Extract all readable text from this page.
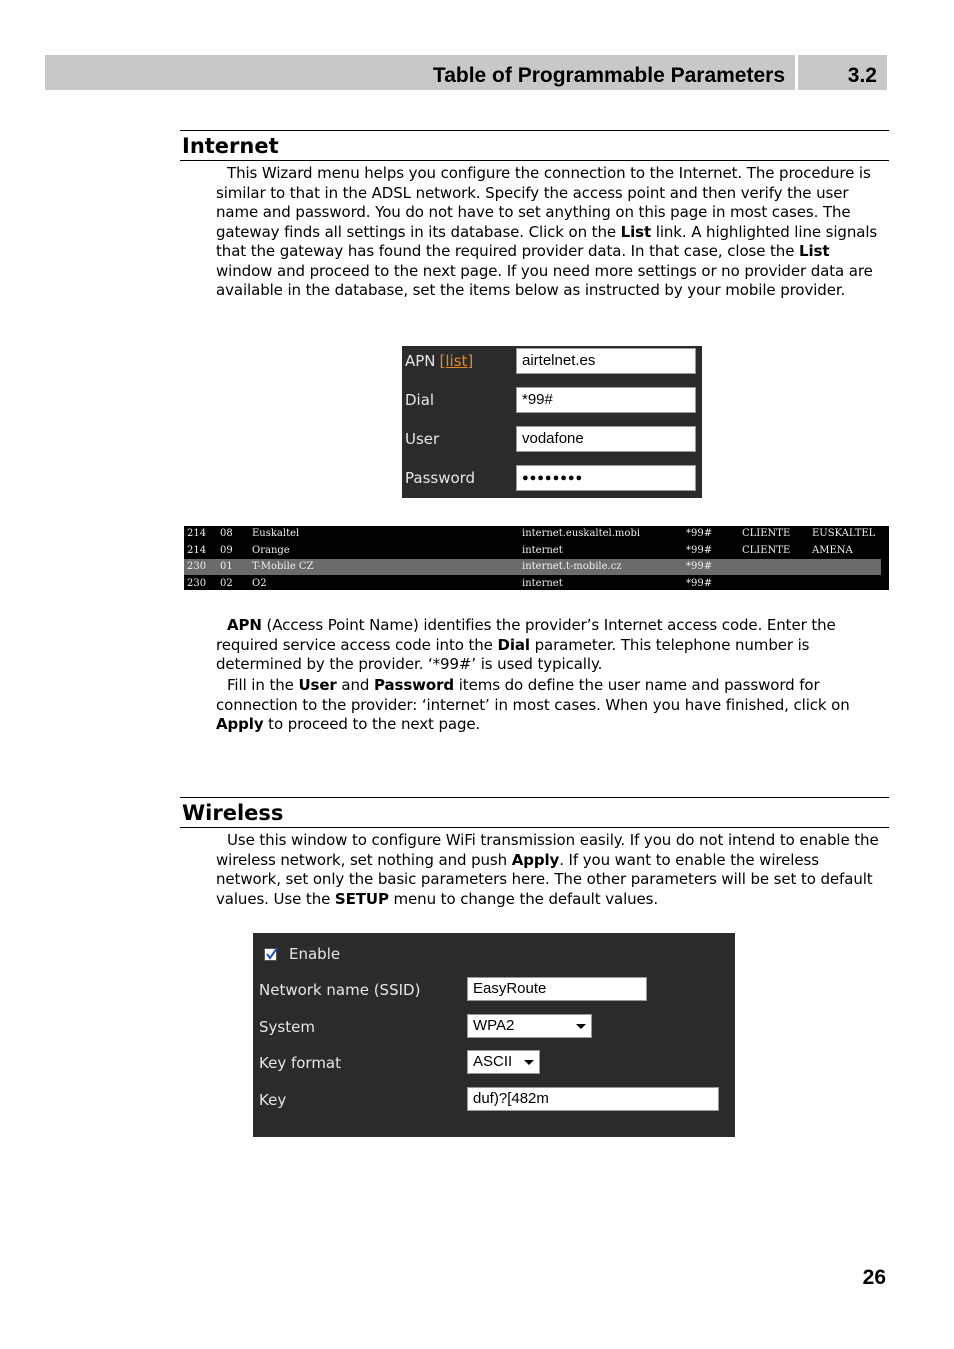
Table of Programmable Parameters	3.2
Internet

This Wizard menu helps you configure the connection to the Internet. The procedure is similar to that in the ADSL network. Specify the access point and then verify the user name and password. You do not have to set anything on this page in most cases. The gateway finds all settings in its database. Click on the List link. A highlighted line signals that the gateway has found the required provider data. In that case, close the List window and proceed to the next page. If you need more settings or no provider data are available in the database, set the items below as instructed by your mobile provider.

APN [list]	airtelnet.es
Dial	*99#
User	vodafone
Password	●●●●●●●●
214 08 Euskaltel	internet.euskaltel.mobi	*99#	CLIENTE EUSKALTEL
214 09 Orange	internet	*99#	CLIENTE AMENA
230 01 T-Mobile CZ	internet.t-mobile.cz	*99#
230 02 O2	internet	*99#

APN (Access Point Name) identifies the provider’s Internet access code. Enter the required service access code into the Dial parameter. This telephone number is determined by the provider. ‘*99#’ is used typically.

Fill in the User and Password items do define the user name and password for connection to the provider: ‘internet’ in most cases. When you have finished, click on Apply to proceed to the next page.

Wireless

Use this window to configure WiFi transmission easily. If you do not intend to enable the wireless network, set nothing and push Apply. If you want to enable the wireless network, set only the basic parameters here. The other parameters will be set to default values. Use the SETUP menu to change the default values.

Enable
Network name (SSID)	EasyRoute
System	WPA2
Key format	ASCII
Key	duf)?[482m
26
